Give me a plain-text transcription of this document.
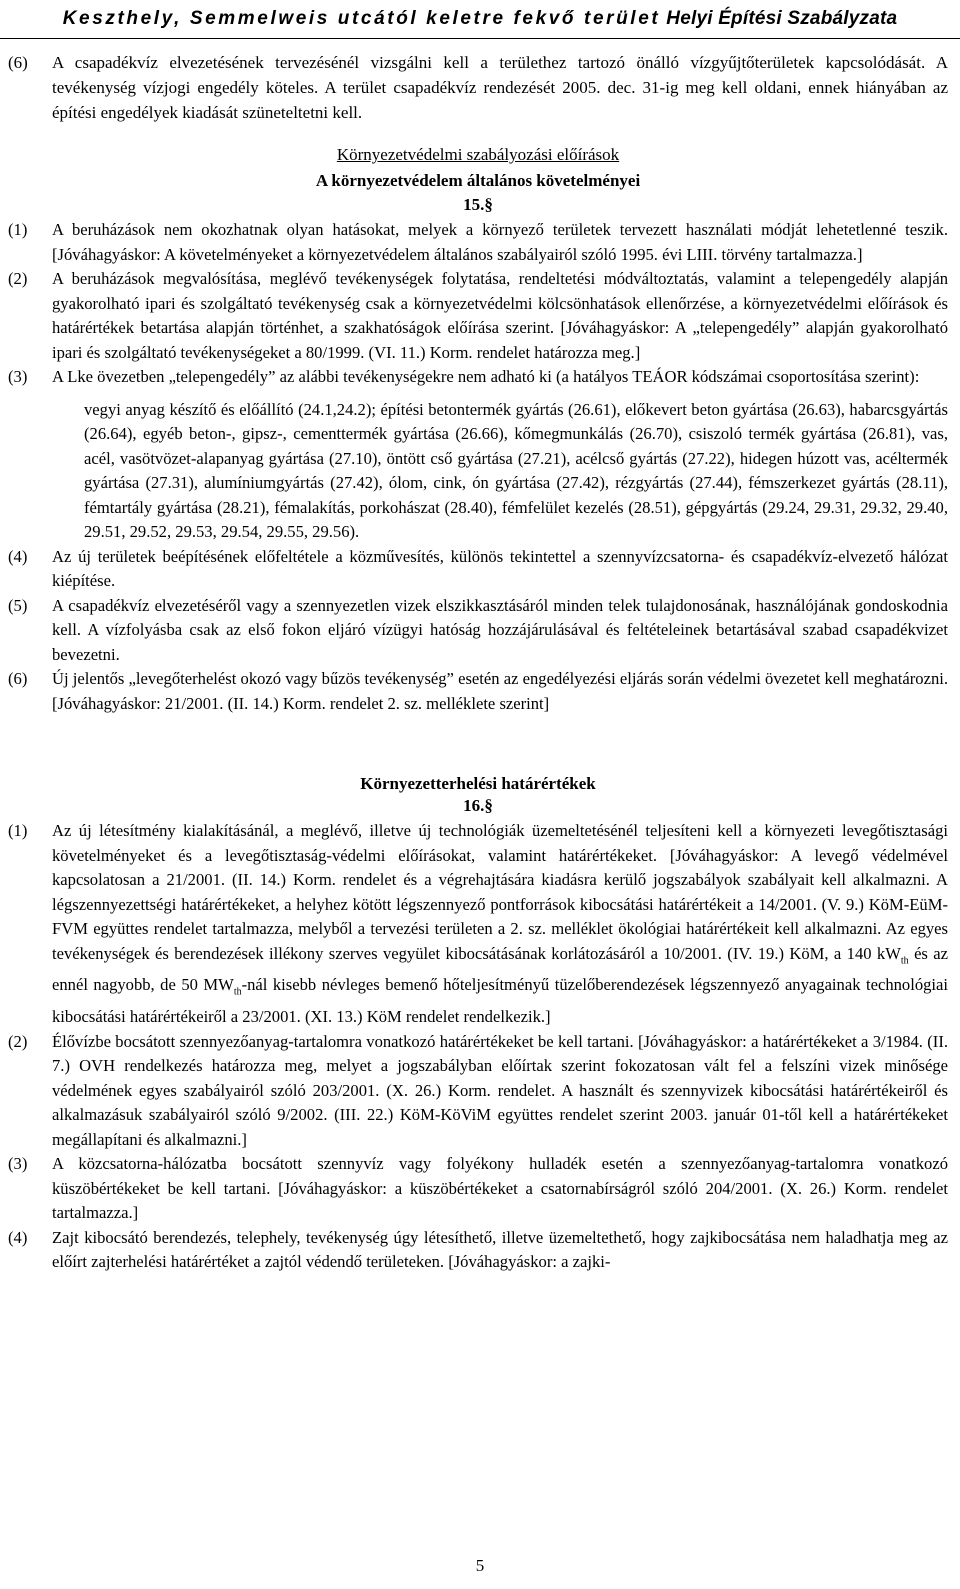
Keszthely, Semmelweis utcától keletre fekvő terület Helyi Építési Szabályzata
(6)	A csapadékvíz elvezetésének tervezésénél vizsgálni kell a területhez tartozó önálló vízgyűjtőterületek kapcsolódását. A tevékenység vízjogi engedély köteles. A terület csapadékvíz rendezését 2005. dec. 31-ig meg kell oldani, ennek hiányában az építési engedélyek kiadását szüneteltetni kell.
Környezetvédelmi szabályozási előírások
A környezetvédelem általános követelményei
15.§
(1)	A beruházások nem okozhatnak olyan hatásokat, melyek a környező területek tervezett használati módját lehetetlenné teszik. [Jóváhagyáskor: A követelményeket a környezetvédelem általános szabályairól szóló 1995. évi LIII. törvény tartalmazza.]
(2)	A beruházások megvalósítása, meglévő tevékenységek folytatása, rendeltetési módváltoztatás, valamint a telepengedély alapján gyakorolható ipari és szolgáltató tevékenység csak a környezetvédelmi kölcsönhatások ellenőrzése, a környezetvédelmi előírások és határértékek betartása alapján történhet, a szakhatóságok előírása szerint. [Jóváhagyáskor: A „telepengedély” alapján gyakorolható ipari és szolgáltató tevékenységeket a 80/1999. (VI. 11.) Korm. rendelet határozza meg.]
(3)	A Lke övezetben „telepengedély” az alábbi tevékenységekre nem adható ki (a hatályos TEÁOR kódszámai csoportosítása szerint):
vegyi anyag készítő és előállító (24.1,24.2); építési betontermék gyártás (26.61), előkevert beton gyártása (26.63), habarcsgyártás (26.64), egyéb beton-, gipsz-, cementtermék gyártása (26.66), kőmegmunkálás (26.70), csiszoló termék gyártása (26.81), vas, acél, vasötvözet-alapanyag gyártása (27.10), öntött cső gyártása (27.21), acélcső gyártás (27.22), hidegen húzott vas, acéltermék gyártása (27.31), alumíniumgyártás (27.42), ólom, cink, ón gyártása (27.42), rézgyártás (27.44), fémszerkezet gyártás (28.11), fémtartály gyártása (28.21), fémalakítás, porkohászat (28.40), fémfelület kezelés (28.51), gépgyártás (29.24, 29.31, 29.32, 29.40, 29.51, 29.52, 29.53, 29.54, 29.55, 29.56).
(4)	Az új területek beépítésének előfeltétele a közművesítés, különös tekintettel a szennyvízcsatorna- és csapadékvíz-elvezető hálózat kiépítése.
(5)	A csapadékvíz elvezetéséről vagy a szennyezetlen vizek elszikkasztásáról minden telek tulajdonosának, használójának gondoskodnia kell. A vízfolyásba csak az első fokon eljáró vízügyi hatóság hozzájárulásával és feltételeinek betartásával szabad csapadékvizet bevezetni.
(6)	Új jelentős „levegőterhelést okozó vagy bűzös tevékenység” esetén az engedélyezési eljárás során védelmi övezetet kell meghatározni. [Jóváhagyáskor: 21/2001. (II. 14.) Korm. rendelet 2. sz. melléklete szerint]
Környezetterhelési határértékek
16.§
(1)	Az új létesítmény kialakításánál, a meglévő, illetve új technológiák üzemeltetésénél teljesíteni kell a környezeti levegőtisztasági követelményeket és a levegőtisztaság-védelmi előírásokat, valamint határértékeket. [Jóváhagyáskor: A levegő védelmével kapcsolatosan a 21/2001. (II. 14.) Korm. rendelet és a végrehajtására kiadásra kerülő jogszabályok szabályait kell alkalmazni. A légszennyezettségi határértékeket, a helyhez kötött légszennyező pontforrások kibocsátási határértékeit a 14/2001. (V. 9.) KöM-EüM-FVM együttes rendelet tartalmazza, melyből a tervezési területen a 2. sz. melléklet ökológiai határértékeit kell alkalmazni. Az egyes tevékenységek és berendezések illékony szerves vegyület kibocsátásának korlátozásáról a 10/2001. (IV. 19.) KöM, a 140 $kW_{th}$ és az ennél nagyobb, de 50 $MW_{th}$-nál kisebb névleges bemenő hőteljesítményű tüzelőberendezések légszennyező anyagainak technológiai kibocsátási határértékeiről a 23/2001. (XI. 13.) KöM rendelet rendelkezik.]
(2)	Élővízbe bocsátott szennyezőanyag-tartalomra vonatkozó határértékeket be kell tartani. [Jóváhagyáskor: a határértékeket a 3/1984. (II. 7.) OVH rendelkezés határozza meg, melyet a jogszabályban előírtak szerint fokozatosan vált fel a felszíni vizek minősége védelmének egyes szabályairól szóló 203/2001. (X. 26.) Korm. rendelet. A használt és szennyvizek kibocsátási határértékeiről és alkalmazásuk szabályairól szóló 9/2002. (III. 22.) KöM-KöViM együttes rendelet szerint 2003. január 01-től kell a határértékeket megállapítani és alkalmazni.]
(3)	A közcsatorna-hálózatba bocsátott szennyvíz vagy folyékony hulladék esetén a szennyezőanyag-tartalomra vonatkozó küszöbértékeket be kell tartani. [Jóváhagyáskor: a küszöbértékeket a csatornabírságról szóló 204/2001. (X. 26.) Korm. rendelet tartalmazza.]
(4)	Zajt kibocsátó berendezés, telephely, tevékenység úgy létesíthető, illetve üzemeltethető, hogy zajkibocsátása nem haladhatja meg az előírt zajterhelési határértéket a zajtól védendő területeken. [Jóváhagyáskor: a zajki-
5
